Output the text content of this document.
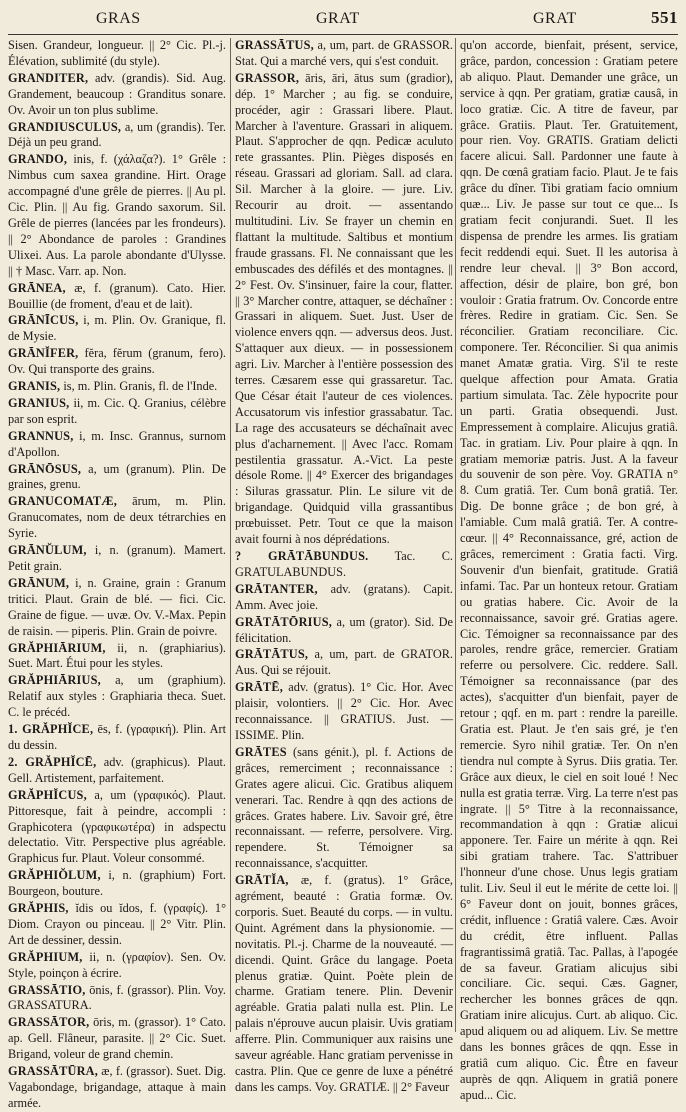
GRAS	GRAT	GRAT	551

Sisen. Grandeur, longueur. || 2° Cic. Pl.-j. Élévation, sublimité (du style).

GRANDITER, adv. (grandis). Sid. Aug. Grandement, beaucoup : Granditus sonare. Ov. Avoir un ton plus sublime.

GRANDIUSCULUS, a, um (grandis). Ter. Déjà un peu grand.

GRANDO, inis, f. (χάλαζα?). 1° Grêle : Nimbus cum saxea grandine. Hirt. Orage accompagné d'une grêle de pierres. || Au pl. Cic. Plin. || Au fig. Grando saxorum. Sil. Grêle de pierres (lancées par les frondeurs). || 2° Abondance de paroles : Grandines Ulixei. Aus. La parole abondante d'Ulysse. || † Masc. Varr. ap. Non.

GRĀNEA, æ, f. (granum). Cato. Hier. Bouillie (de froment, d'eau et de lait).

GRĀNĪCUS, i, m. Plin. Ov. Granique, fl. de Mysie.

GRĀNĬFER, fĕra, fĕrum (granum, fero). Ov. Qui transporte des grains.

GRANIS, is, m. Plin. Granis, fl. de l'Inde.

GRANIUS, ii, m. Cic. Q. Granius, célèbre par son esprit.

GRANNUS, i, m. Insc. Grannus, surnom d'Apollon.

GRĀNŌSUS, a, um (granum). Plin. De graines, grenu.

GRANUCOMATÆ, ārum, m. Plin. Granucomates, nom de deux tétrarchies en Syrie.

GRĀNŬLUM, i, n. (granum). Mamert. Petit grain.

GRĀNUM, i, n. Graine, grain : Granum tritici. Plaut. Grain de blé. — fici. Cic. Graine de figue. — uvæ. Ov. V.-Max. Pepin de raisin. — piperis. Plin. Grain de poivre.

GRĂPHIĀRIUM, ii, n. (graphiarius). Suet. Mart. Étui pour les styles.

GRĂPHIĀRIUS, a, um (graphium). Relatif aux styles : Graphiaria theca. Suet. C. le précéd.

1. GRĂPHĬCE, ēs, f. (γραφική). Plin. Art du dessin.

2. GRĂPHĬCĒ, adv. (graphicus). Plaut. Gell. Artistement, parfaitement.

GRĂPHĬCUS, a, um (γραφικός). Plaut. Pittoresque, fait à peindre, accompli : Graphicotera (γραφικωτέρα) in adspectu delectatio. Vitr. Perspective plus agréable. Graphicus fur. Plaut. Voleur consommé.

GRĂPHIŎLUM, i, n. (graphium) Fort. Bourgeon, bouture.

GRĂPHIS, ĭdis ou ĭdos, f. (γραφίς). 1° Diom. Crayon ou pinceau. || 2° Vitr. Plin. Art de dessiner, dessin.

GRĂPHIUM, ii, n. (γραφίον). Sen. Ov. Style, poinçon à écrire.

GRASSĀTIO, ōnis, f. (grassor). Plin. Voy. GRASSATURA.

GRASSĀTOR, ōris, m. (grassor). 1° Cato. ap. Gell. Flâneur, parasite. || 2° Cic. Suet. Brigand, voleur de grand chemin.

GRASSĀTŪRA, æ, f. (grassor). Suet. Dig. Vagabondage, brigandage, attaque à main armée.

GRASSĀTUS, a, um, part. de GRASSOR. Stat. Qui a marché vers, qui s'est conduit.

GRASSOR, āris, āri, ātus sum (gradior), dép. 1° Marcher ; au fig. se conduire, procéder, agir : Grassari libere. Plaut. Marcher à l'aventure. Grassari in aliquem. Plaut. S'approcher de qqn. Pedicæ aculuto rete grassantes. Plin. Pièges disposés en réseau. Grassari ad gloriam. Sall. ad clara. Sil. Marcher à la gloire. — jure. Liv. Recourir au droit. — assentando multitudini. Liv. Se frayer un chemin en flattant la multitude. Saltibus et montium fraude grassans. Fl. Ne connaissant que les embuscades des défilés et des montagnes. || 2° Fest. Ov. S'insinuer, faire la cour, flatter. || 3° Marcher contre, attaquer, se déchaîner : Grassari in aliquem. Suet. Just. User de violence envers qqn. — adversus deos. Just. S'attaquer aux dieux. — in possessionem agri. Liv. Marcher à l'entière possession des terres. Cæsarem esse qui grassaretur. Tac. Que César était l'auteur de ces violences. Accusatorum vis infestior grassabatur. Tac. La rage des accusateurs se déchaînait avec plus d'acharnement. || Avec l'acc. Romam pestilentia grassatur. A.-Vict. La peste désole Rome. || 4° Exercer des brigandages : Siluras grassatur. Plin. Le silure vit de brigandage. Quidquid villa grassantibus prœbuisset. Petr. Tout ce que la maison avait fourni à nos déprédations.

? GRĀTĀBUNDUS. Tac. C. GRATULABUNDUS.

GRĀTANTER, adv. (gratans). Capit. Amm. Avec joie.

GRĀTĀTŌRIUS, a, um (grator). Sid. De félicitation.

GRĀTĀTUS, a, um, part. de GRATOR. Aus. Qui se réjouit.

GRĀTĒ, adv. (gratus). 1° Cic. Hor. Avec plaisir, volontiers. || 2° Cic. Hor. Avec reconnaissance. || GRATIUS. Just. — ISSIME. Plin.

GRĀTES (sans génit.), pl. f. Actions de grâces, remerciment ; reconnaissance : Grates agere alicui. Cic. Gratibus aliquem venerari. Tac. Rendre à qqn des actions de grâces. Grates habere. Liv. Savoir gré, être reconnaissant. — referre, persolvere. Virg. rependere. St. Témoigner sa reconnaissance, s'acquitter.

GRĀTĬA, æ, f. (gratus). 1° Grâce, agrément, beauté : Gratia formæ. Ov. corporis. Suet. Beauté du corps. — in vultu. Quint. Agrément dans la physionomie. — novitatis. Pl.-j. Charme de la nouveauté. — dicendi. Quint. Grâce du langage. Poeta plenus gratiæ. Quint. Poète plein de charme. Gratiam tenere. Plin. Devenir agréable. Gratia palati nulla est. Plin. Le palais n'éprouve aucun plaisir. Uvis gratiam afferre. Plin. Communiquer aux raisins une saveur agréable. Hanc gratiam pervenisse in castra. Plin. Que ce genre de luxe a pénétré dans les camps. Voy. GRATIÆ. || 2° Faveur

qu'on accorde, bienfait, présent, service, grâce, pardon, concession : Gratiam petere ab aliquo. Plaut. Demander une grâce, un service à qqn. Per gratiam, gratiæ causâ, in loco gratiæ. Cic. A titre de faveur, par grâce. Gratiis. Plaut. Ter. Gratuitement, pour rien. Voy. GRATIS. Gratiam delicti facere alicui. Sall. Pardonner une faute à qqn. De cœnâ gratiam facio. Plaut. Je te fais grâce du dîner. Tibi gratiam facio omnium quæ... Liv. Je passe sur tout ce que... Is gratiam fecit conjurandi. Suet. Il les dispensa de prendre les armes. Iis gratiam fecit reddendi equi. Suet. Il les autorisa à rendre leur cheval. || 3° Bon accord, affection, désir de plaire, bon gré, bon vouloir : Gratia fratrum. Ov. Concorde entre frères. Redire in gratiam. Cic. Sen. Se réconcilier. Gratiam reconciliare. Cic. componere. Ter. Réconcilier. Si qua animis manet Amatæ gratia. Virg. S'il te reste quelque affection pour Amata. Gratia partium simulata. Tac. Zèle hypocrite pour un parti. Gratia obsequendi. Just. Empressement à complaire. Alicujus gratiâ. Tac. in gratiam. Liv. Pour plaire à qqn. In gratiam memoriæ patris. Just. A la faveur du souvenir de son père. Voy. GRATIA n° 8. Cum gratiâ. Ter. Cum bonâ gratiâ. Ter. Dig. De bonne grâce ; de bon gré, à l'amiable. Cum malâ gratiâ. Ter. A contre-cœur. || 4° Reconnaissance, gré, action de grâces, remerciment : Gratia facti. Virg. Souvenir d'un bienfait, gratitude. Gratiâ infami. Tac. Par un honteux retour. Gratiam ou gratias habere. Cic. Avoir de la reconnaissance, savoir gré. Gratias agere. Cic. Témoigner sa reconnaissance par des paroles, rendre grâce, remercier. Gratiam referre ou persolvere. Cic. reddere. Sall. Témoigner sa reconnaissance (par des actes), s'acquitter d'un bienfait, payer de retour ; qqf. en m. part : rendre la pareille. Gratia est. Plaut. Je t'en sais gré, je t'en remercie. Syro nihil gratiæ. Ter. On n'en tiendra nul compte à Syrus. Diis gratia. Ter. Grâce aux dieux, le ciel en soit loué ! Nec nulla est gratia terræ. Virg. La terre n'est pas ingrate. || 5° Titre à la reconnaissance, recommandation à qqn : Gratiæ alicui apponere. Ter. Faire un mérite à qqn. Rei sibi gratiam trahere. Tac. S'attribuer l'honneur d'une chose. Unus legis gratiam tulit. Liv. Seul il eut le mérite de cette loi. || 6° Faveur dont on jouit, bonnes grâces, crédit, influence : Gratiâ valere. Cæs. Avoir du crédit, être influent. Pallas fragrantissimâ gratiâ. Tac. Pallas, à l'apogée de sa faveur. Gratiam alicujus sibi conciliare. Cic. sequi. Cæs. Gagner, rechercher les bonnes grâces de qqn. Gratiam inire alicujus. Curt. ab aliquo. Cic. apud aliquem ou ad aliquem. Liv. Se mettre dans les bonnes grâces de qqn. Esse in gratiâ cum aliquo. Cic. Être en faveur auprès de qqn. Aliquem in gratiâ ponere apud... Cic.
